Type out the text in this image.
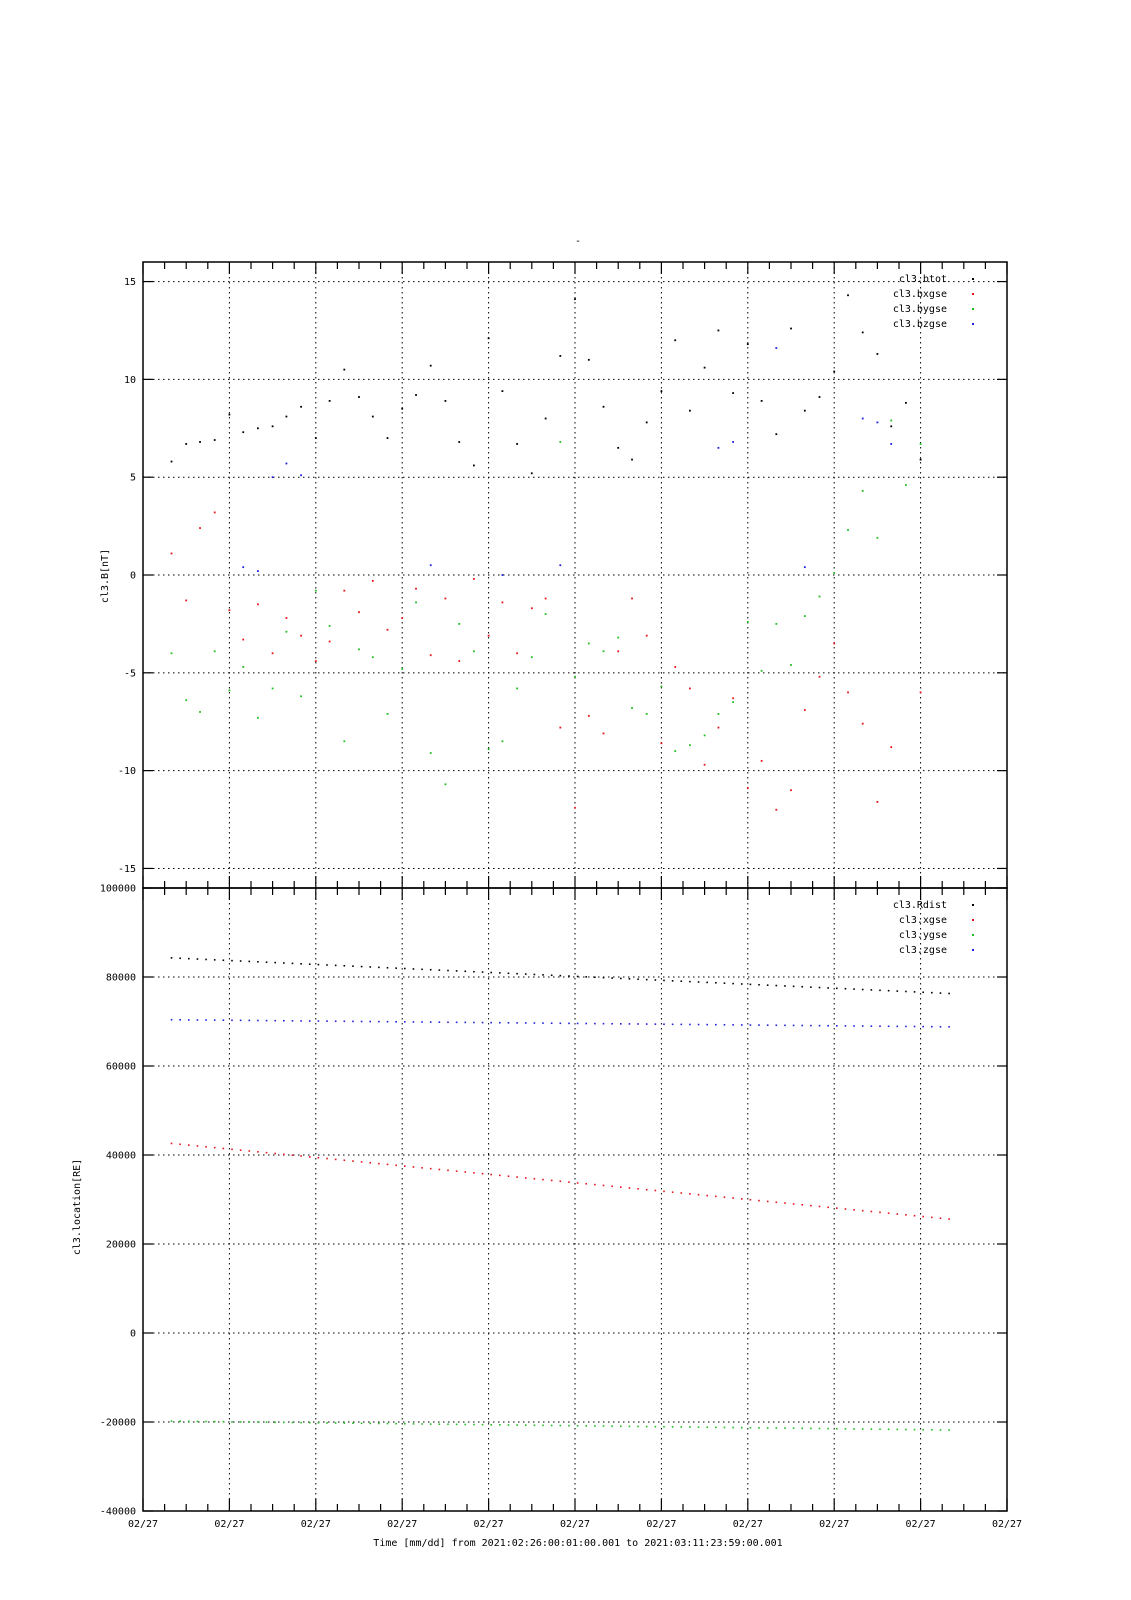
-
-15
-10
-5
0
5
10
15	cl3.btot
cl3.bxgse
cl3.bygse
cl3.bzgse
cl3.B[nT]
-40000
-20000
0
20000
40000
60000
80000
100000
cl3.Rdist
cl3.xgse
cl3.ygse
cl3.zgse
cl3.location[RE]
02/27	02/27	02/27	02/27	02/27	02/27	02/27	02/27	02/27	02/27	02/27
Time [mm/dd] from 2021:02:26:00:01:00.001 to 2021:03:11:23:59:00.001
